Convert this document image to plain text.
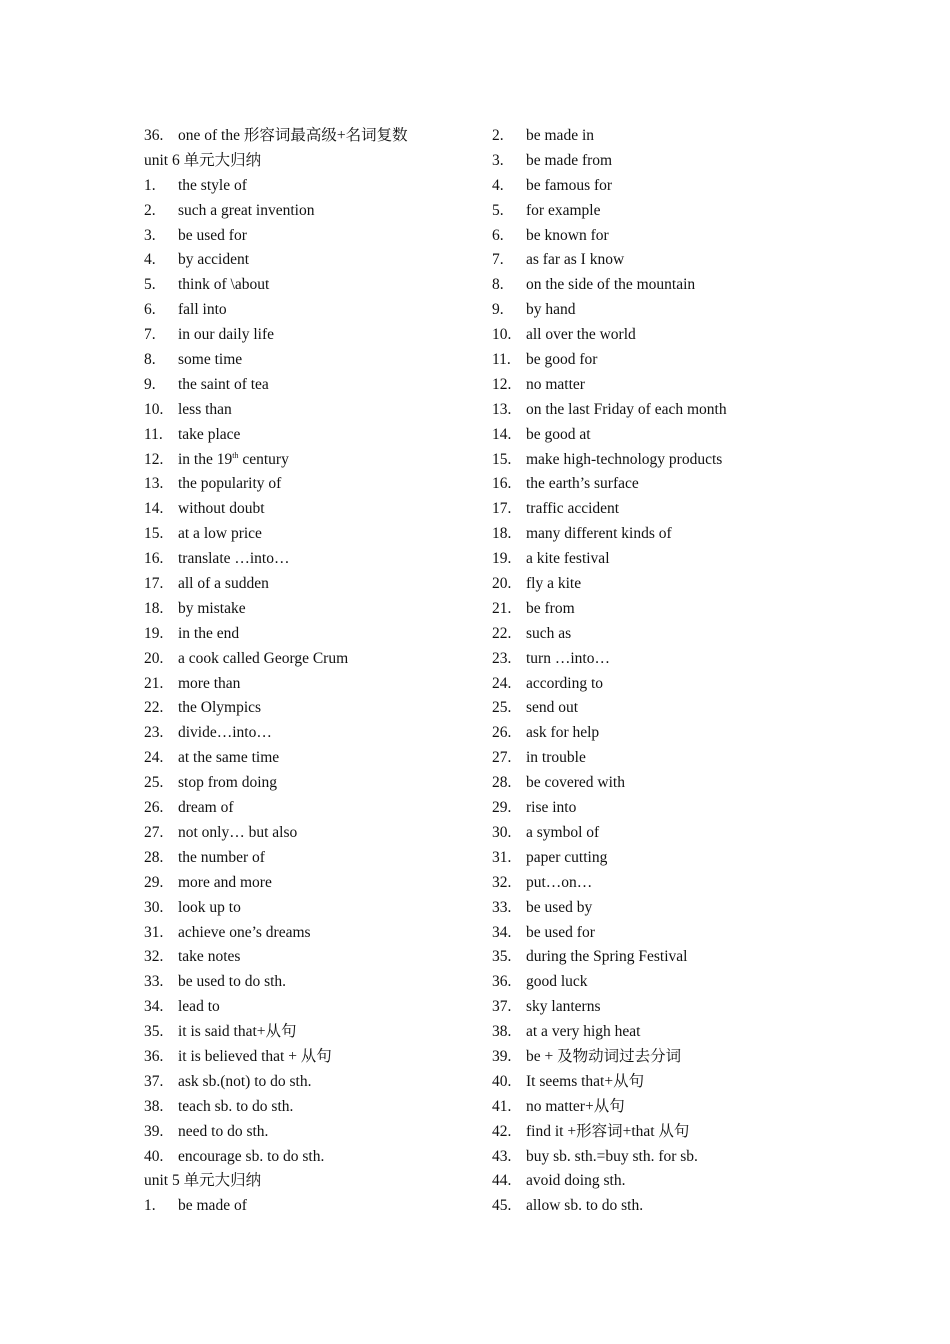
36. one of the 形容词最高级+名词复数
unit 6 单元大归纳
1.	the style of
2.	such a great invention
3.	be used for
4.	by accident
5.	think of \about
6.	fall into
7.	in our daily life
8.	some time
9.	the saint of tea
10. less than
11. take place
12. in the 19th century
13. the popularity of
14. without doubt
15. at a low price
16. translate …into…
17. all of a sudden
18. by mistake
19. in the end
20. a cook called George Crum
21. more than
22. the Olympics
23. divide…into…
24. at the same time
25. stop from doing
26. dream of
27. not only… but also
28. the number of
29. more and more
30. look up to
31. achieve one’s dreams
32. take notes
33. be used to do sth.
34. lead to
35. it is said that+从句
36. it is believed that + 从句
37. ask sb.(not) to do sth.
38. teach sb. to do sth.
39. need to do sth.
40. encourage sb. to do sth.
unit 5 单元大归纳
1.	be made of
2.	be made in
3.	be made from
4.	be famous for
5.	for example
6.	be known for
7.	as far as I know
8.	on the side of the mountain
9.	by hand
10. all over the world
11. be good for
12. no matter
13. on the last Friday of each month
14. be good at
15. make high-technology products
16. the earth’s surface
17. traffic accident
18. many different kinds of
19. a kite festival
20. fly a kite
21. be from
22. such as
23. turn …into…
24. according to
25. send out
26. ask for help
27. in trouble
28. be covered with
29. rise into
30. a symbol of
31. paper cutting
32. put…on…
33. be used by
34. be used for
35. during the Spring Festival
36. good luck
37. sky lanterns
38. at a very high heat
39. be + 及物动词过去分词
40. It seems that+从句
41. no matter+从句
42. find it +形容词+that 从句
43. buy sb. sth.=buy sth. for sb.
44. avoid doing sth.
45. allow sb. to do sth.
